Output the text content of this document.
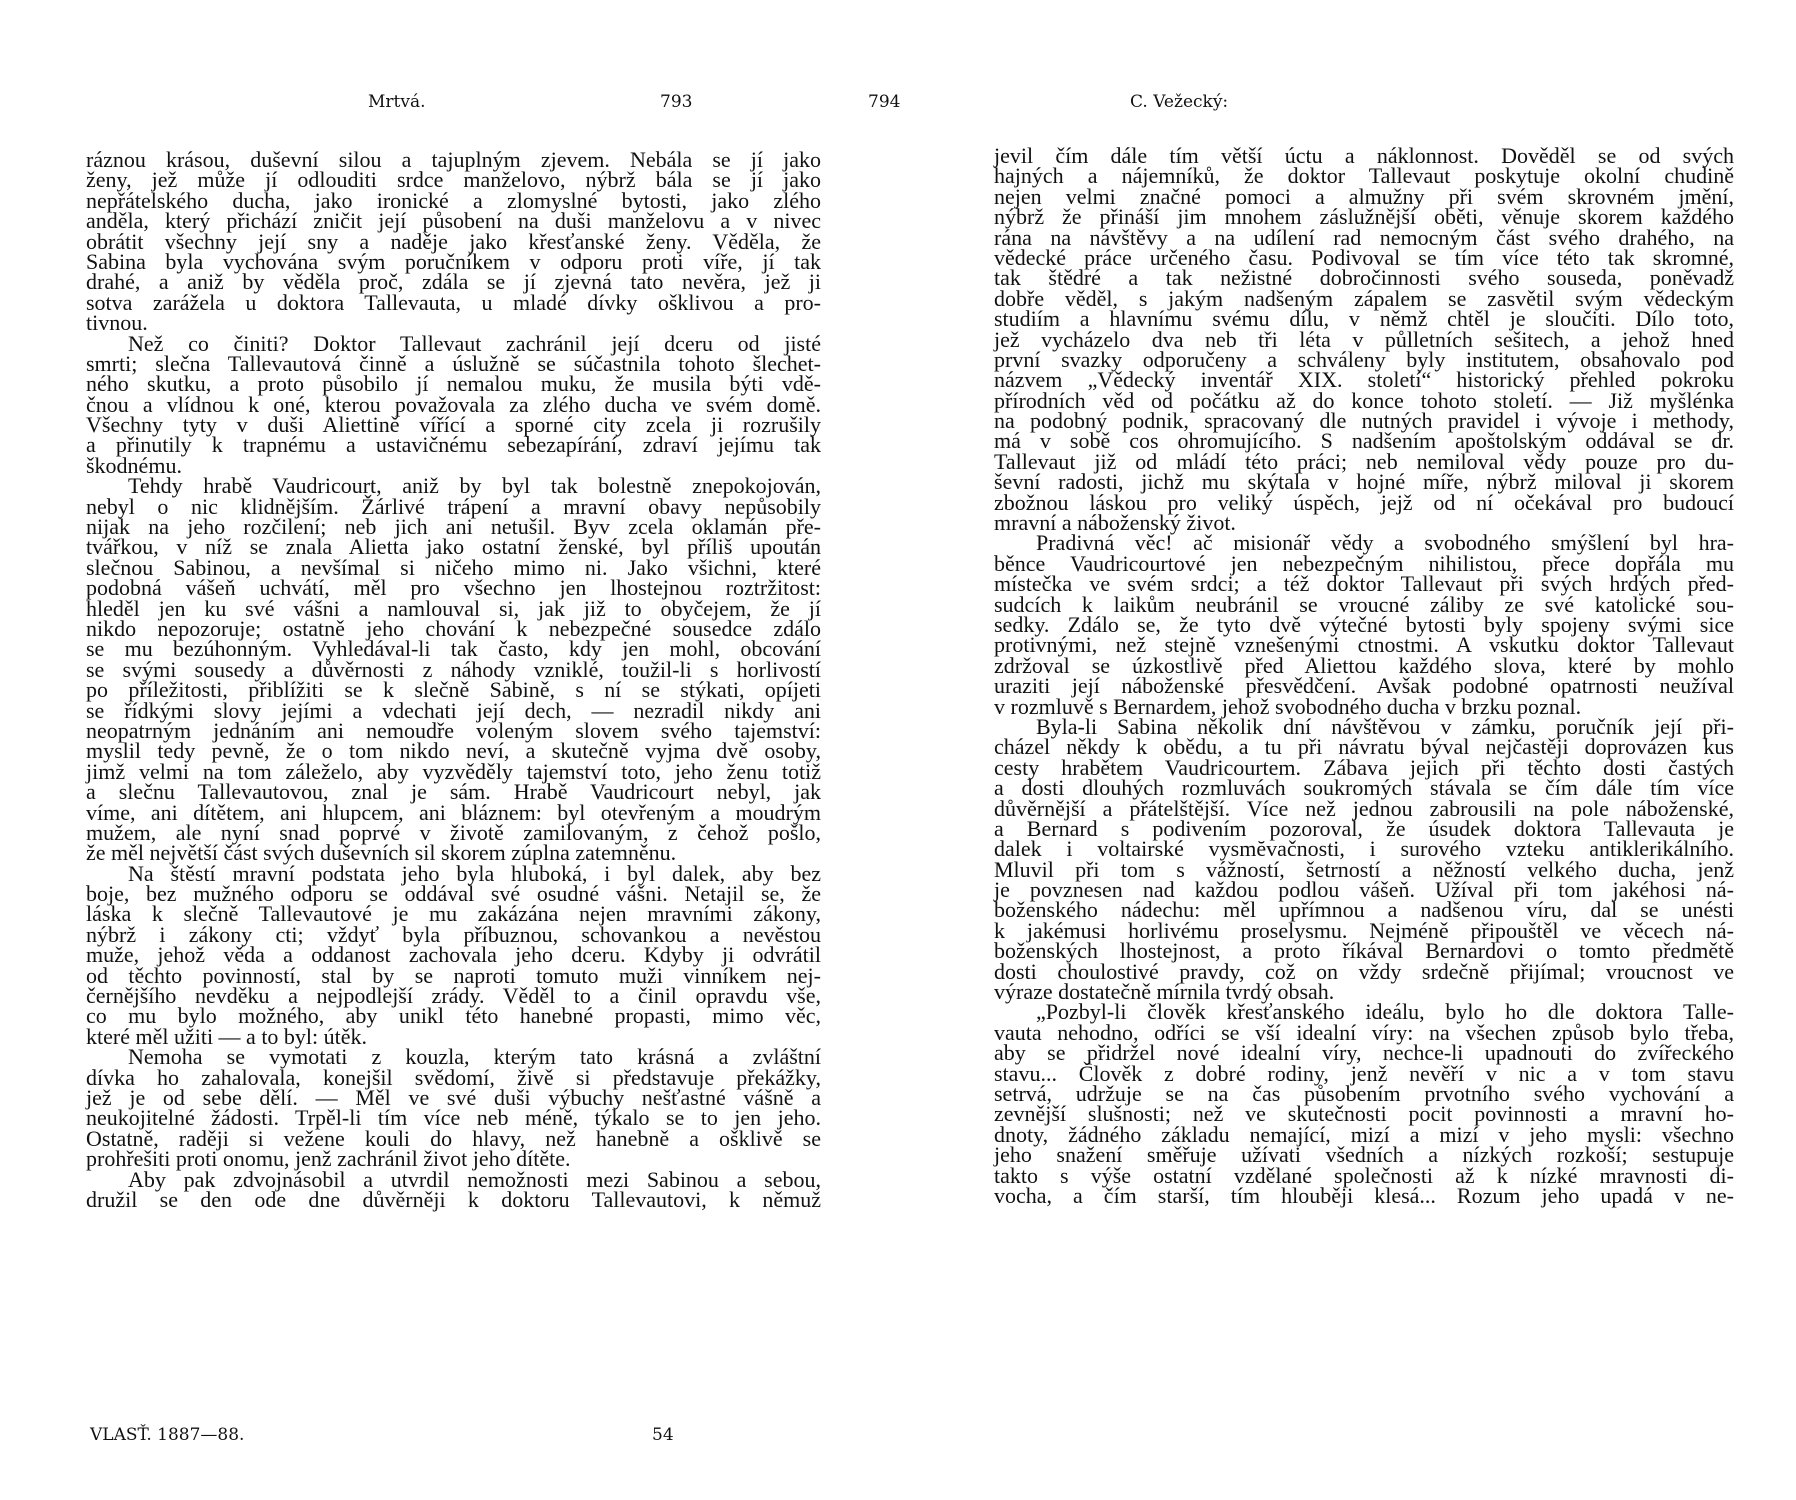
Mrtvá.	793
ráznou krásou, duševní silou a tajuplným zjevem. Nebála se jí jako
ženy, jež může jí odlouditi srdce manželovo, nýbrž bála se jí jako
nepřátelského ducha, jako ironické a zlomyslné bytosti, jako zlého
anděla, který přichází zničit její působení na duši manželovu a v nivec
obrátit všechny její sny a naděje jako křesťanské ženy. Věděla, že
Sabina byla vychována svým poručníkem v odporu proti víře, jí tak
drahé, a aniž by věděla proč, zdála se jí zjevná tato nevěra, jež ji
sotva zarážela u doktora Tallevauta, u mladé dívky ošklivou a pro-
tivnou.
Než co činiti? Doktor Tallevaut zachránil její dceru od jisté
smrti; slečna Tallevautová činně a úslužně se súčastnila tohoto šlechet-
ného skutku, a proto působilo jí nemalou muku, že musila býti vdě-
čnou a vlídnou k oné, kterou považovala za zlého ducha ve svém domě.
Všechny tyty v duši Aliettině vířící a sporné city zcela ji rozrušily
a přinutily k trapnému a ustavičnému sebezapírání, zdraví jejímu tak
škodnému.
Tehdy hrabě Vaudricourt, aniž by byl tak bolestně znepokojován,
nebyl o nic klidnějším. Žárlivé trápení a mravní obavy nepůsobily
nijak na jeho rozčilení; neb jich ani netušil. Byv zcela oklamán pře-
tvářkou, v níž se znala Alietta jako ostatní ženské, byl příliš upoután
slečnou Sabinou, a nevšímal si ničeho mimo ni. Jako všichni, které
podobná vášeň uchvátí, měl pro všechno jen lhostejnou roztržitost:
hleděl jen ku své vášni a namlouval si, jak již to obyčejem, že jí
nikdo nepozoruje; ostatně jeho chování k nebezpečné sousedce zdálo
se mu bezúhonným. Vyhledával-li tak často, kdy jen mohl, obcování
se svými sousedy a důvěrnosti z náhody vzniklé, toužil-li s horlivostí
po příležitosti, přiblížiti se k slečně Sabině, s ní se stýkati, opíjeti
se řídkými slovy jejími a vdechati její dech, — nezradil nikdy ani
neopatrným jednáním ani nemoudře voleným slovem svého tajemství:
myslil tedy pevně, že o tom nikdo neví, a skutečně vyjma dvě osoby,
jimž velmi na tom záleželo, aby vyzvěděly tajemství toto, jeho ženu totiž
a slečnu Tallevautovou, znal je sám. Hrabě Vaudricourt nebyl, jak
víme, ani dítětem, ani hlupcem, ani bláznem: byl otevřeným a moudrým
mužem, ale nyní snad poprvé v životě zamilovaným, z čehož pošlo,
že měl největší část svých duševních sil skorem zúplna zatemněnu.
Na štěstí mravní podstata jeho byla hluboká, i byl dalek, aby bez
boje, bez mužného odporu se oddával své osudné vášni. Netajil se, že
láska k slečně Tallevautové je mu zakázána nejen mravními zákony,
nýbrž i zákony cti; vždyť byla příbuznou, schovankou a nevěstou
muže, jehož věda a oddanost zachovala jeho dceru. Kdyby ji odvrátil
od těchto povinností, stal by se naproti tomuto muži vinníkem nej-
černějšího nevděku a nejpodlejší zrády. Věděl to a činil opravdu vše,
co mu bylo možného, aby unikl této hanebné propasti, mimo věc,
které měl užiti — a to byl: útěk.
Nemoha se vymotati z kouzla, kterým tato krásná a zvláštní
dívka ho zahalovala, konejšil svědomí, živě si představuje překážky,
jež je od sebe dělí. — Měl ve své duši výbuchy nešťastné vášně a
neukojitelné žádosti. Trpěl-li tím více neb méně, týkalo se to jen jeho.
Ostatně, raději si vežene kouli do hlavy, než hanebně a ošklivě se
prohřešiti proti onomu, jenž zachránil život jeho dítěte.
Aby pak zdvojnásobil a utvrdil nemožnosti mezi Sabinou a sebou,
družil se den ode dne důvěrněji k doktoru Tallevautovi, k němuž
VLASŤ. 1887—88.	54
794	C. Vežecký:
jevil čím dále tím větší úctu a náklonnost. Dověděl se od svých
hajných a nájemníků, že doktor Tallevaut poskytuje okolní chudině
nejen velmi značné pomoci a almužny při svém skrovném jmění,
nýbrž že přináší jim mnohem záslužnější oběti, věnuje skorem každého
rána na návštěvy a na udílení rad nemocným část svého drahého, na
vědecké práce určeného času. Podivoval se tím více této tak skromné,
tak štědré a tak nežistné dobročinnosti svého souseda, poněvadž
dobře věděl, s jakým nadšeným zápalem se zasvětil svým vědeckým
studiím a hlavnímu svému dílu, v němž chtěl je sloučiti. Dílo toto,
jež vycházelo dva neb tři léta v půlletních sešitech, a jehož hned
první svazky odporučeny a schváleny byly institutem, obsahovalo pod
názvem „Vědecký inventář XIX. století“ historický přehled pokroku
přírodních věd od počátku až do konce tohoto století. — Již myšlénka
na podobný podnik, spracovaný dle nutných pravidel i vývoje i methody,
má v sobě cos ohromujícího. S nadšením apoštolským oddával se dr.
Tallevaut již od mládí této práci; neb nemiloval vědy pouze pro du-
ševní radosti, jichž mu skýtala v hojné míře, nýbrž miloval ji skorem
zbožnou láskou pro veliký úspěch, jejž od ní očekával pro budoucí
mravní a náboženský život.
Pradivná věc! ač misionář vědy a svobodného smýšlení byl hra-
běnce Vaudricourtové jen nebezpečným nihilistou, přece dopřála mu
místečka ve svém srdci; a též doktor Tallevaut při svých hrdých před-
sudcích k laikům neubránil se vroucné záliby ze své katolické sou-
sedky. Zdálo se, že tyto dvě výtečné bytosti byly spojeny svými sice
protivnými, než stejně vznešenými ctnostmi. A vskutku doktor Tallevaut
zdržoval se úzkostlivě před Aliettou každého slova, které by mohlo
uraziti její náboženské přesvědčení. Avšak podobné opatrnosti neužíval
v rozmluvě s Bernardem, jehož svobodného ducha v brzku poznal.
Byla-li Sabina několik dní návštěvou v zámku, poručník její při-
cházel někdy k obědu, a tu při návratu býval nejčastěji doprovázen kus
cesty hrabětem Vaudricourtem. Zábava jejich při těchto dosti častých
a dosti dlouhých rozmluvách soukromých stávala se čím dále tím více
důvěrnější a přátelštější. Více než jednou zabrousili na pole náboženské,
a Bernard s podivením pozoroval, že úsudek doktora Tallevauta je
dalek i voltairské vysmĕvačnosti, i surového vzteku antiklerikálního.
Mluvil při tom s vážností, šetrností a něžností velkého ducha, jenž
je povznesen nad každou podlou vášeň. Užíval při tom jakéhosi ná-
boženského nádechu: měl upřímnou a nadšenou víru, dal se unésti
k jakémusi horlivému proselysmu. Nejméně připouštěl ve věcech ná-
boženských lhostejnost, a proto říkával Bernardovi o tomto předmětě
dosti choulostivé pravdy, což on vždy srdečně přijímal; vroucnost ve
výraze dostatečně mírnila tvrdý obsah.
„Pozbyl-li člověk křesťanského ideálu, bylo ho dle doktora Talle-
vauta nehodno, odříci se vší idealní víry: na všechen způsob bylo třeba,
aby se přidržel nové idealní víry, nechce-li upadnouti do zvířeckého
stavu... Člověk z dobré rodiny, jenž nevěří v nic a v tom stavu
setrvá, udržuje se na čas působením prvotního svého vychování a
zevnější slušnosti; než ve skutečnosti pocit povinnosti a mravní ho-
dnoty, žádného základu nemající, mizí a mizí v jeho mysli: všechno
jeho snažení směřuje užívati všedních a nízkých rozkoší; sestupuje
takto s výše ostatní vzdělané společnosti až k nízké mravnosti di-
vocha, a čím starší, tím hlouběji klesá... Rozum jeho upadá v ne-
